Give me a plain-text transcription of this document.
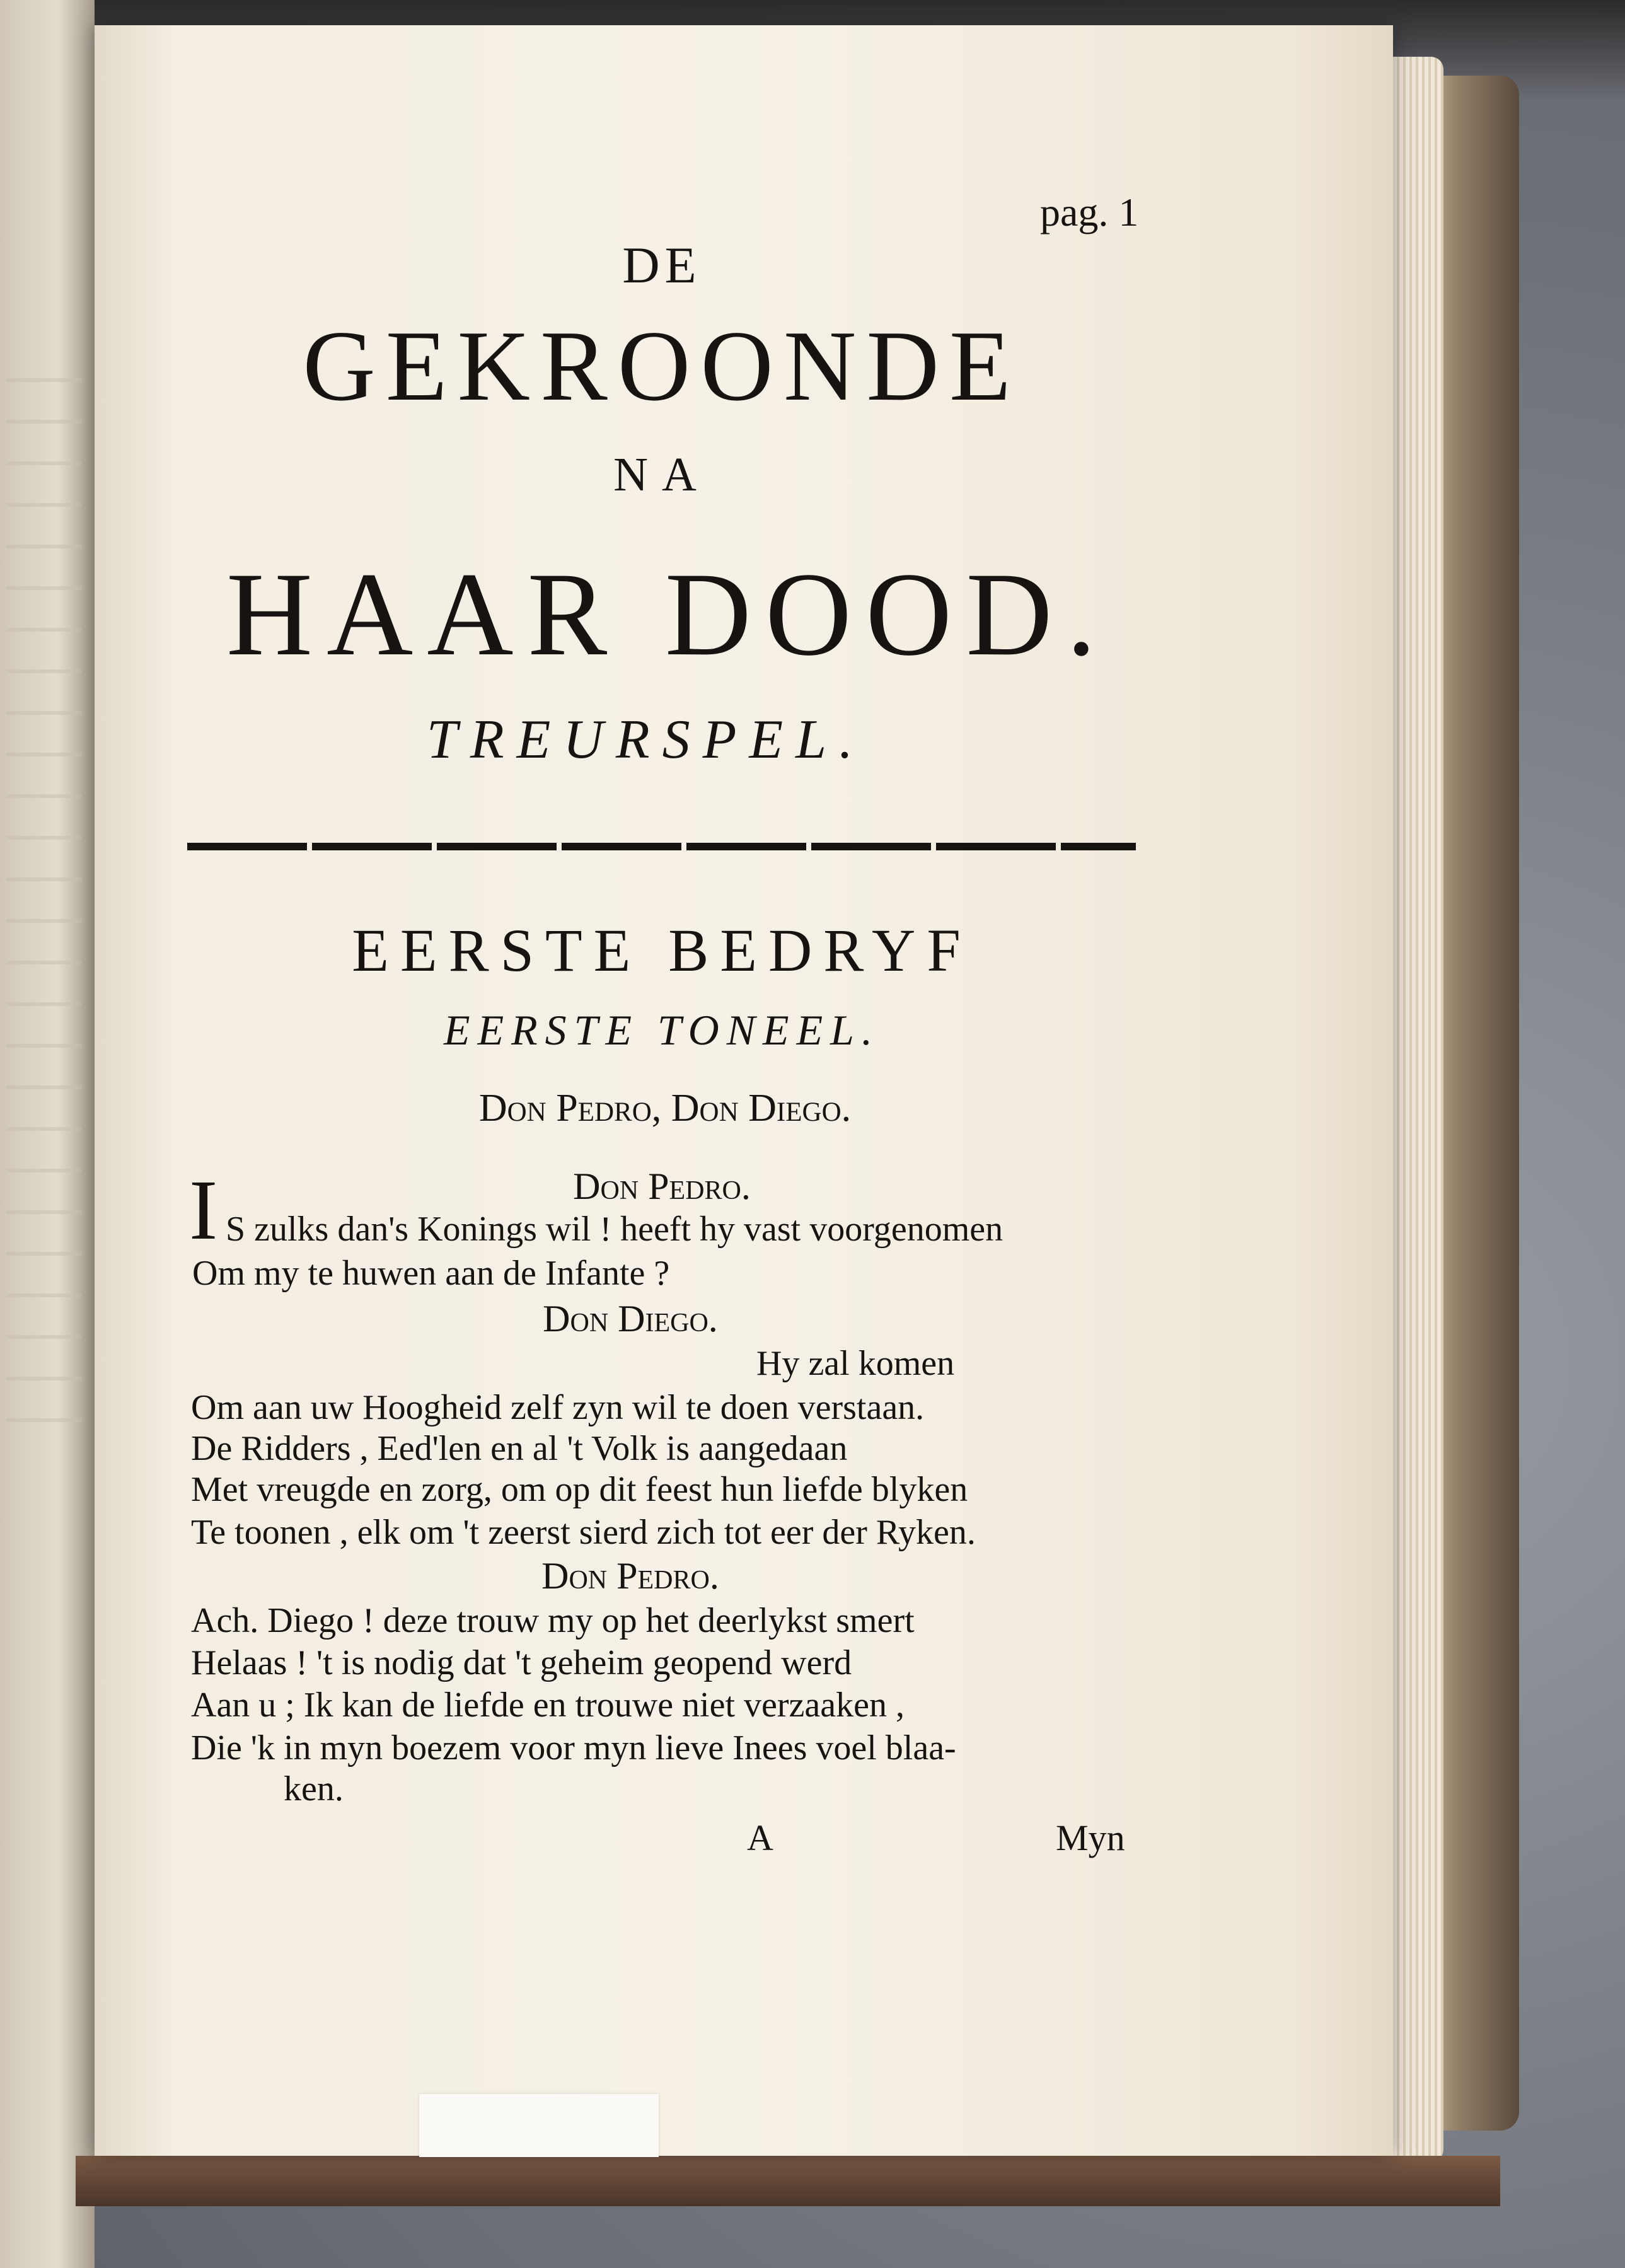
pag. 1
DE
GEKROONDE
NA
HAAR DOOD.
TREURSPEL.
EERSTE BEDRYF
EERSTE TONEEL.
Don Pedro, Don Diego.
Don Pedro.
I S zulks dan's Konings wil ! heeft hy vast voorgenomen
Om my te huwen aan de Infante ?
Don Diego.
Hy zal komen
Om aan uw Hoogheid zelf zyn wil te doen verstaan.
De Ridders , Eed'len en al 't Volk is aangedaan
Met vreugde en zorg, om op dit feest hun liefde blyken
Te toonen , elk om 't zeerst sierd zich tot eer der Ryken.
Don Pedro.
Ach. Diego ! deze trouw my op het deerlykst smert
Helaas ! 't is nodig dat 't geheim geopend werd
Aan u ; Ik kan de liefde en trouwe niet verzaaken ,
Die 'k in myn boezem voor myn lieve Inees voel blaa-
ken.
A	Myn
